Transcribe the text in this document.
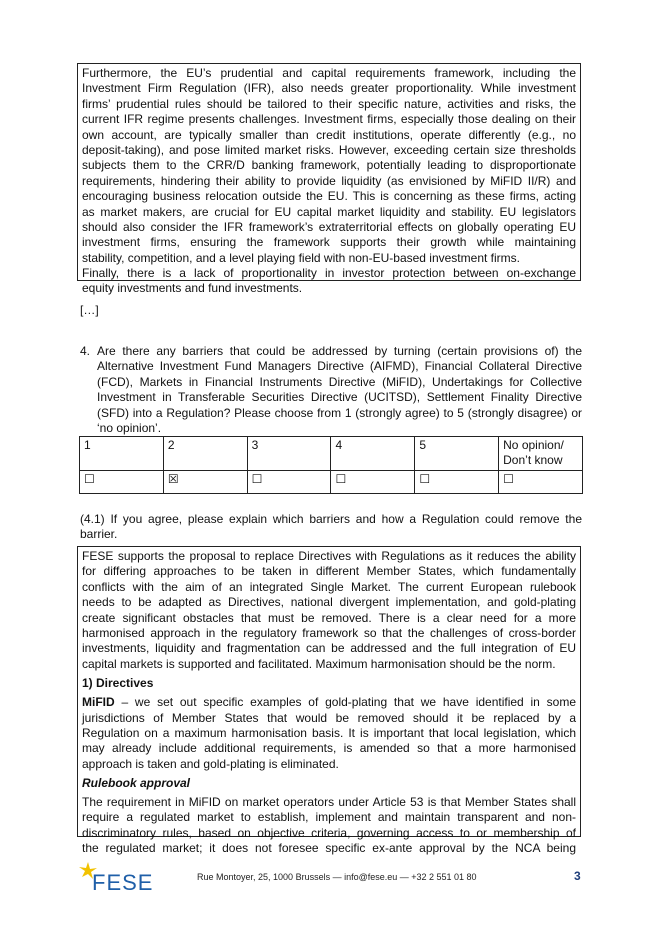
Furthermore, the EU’s prudential and capital requirements framework, including the
Investment Firm Regulation (IFR), also needs greater proportionality. While investment
firms’ prudential rules should be tailored to their specific nature, activities and risks, the
current IFR regime presents challenges. Investment firms, especially those dealing on their
own account, are typically smaller than credit institutions, operate differently (e.g., no
deposit-taking), and pose limited market risks. However, exceeding certain size thresholds
subjects them to the CRR/D banking framework, potentially leading to disproportionate
requirements, hindering their ability to provide liquidity (as envisioned by MiFID II/R) and
encouraging business relocation outside the EU. This is concerning as these firms, acting
as market makers, are crucial for EU capital market liquidity and stability. EU legislators
should also consider the IFR framework’s extraterritorial effects on globally operating EU
investment firms, ensuring the framework supports their growth while maintaining
stability, competition, and a level playing field with non-EU-based investment firms.
Finally, there is a lack of proportionality in investor protection between on-exchange
equity investments and fund investments.
[…]
4. Are there any barriers that could be addressed by turning (certain provisions of) the
Alternative Investment Fund Managers Directive (AIFMD), Financial Collateral Directive
(FCD), Markets in Financial Instruments Directive (MiFID), Undertakings for Collective
Investment in Transferable Securities Directive (UCITSD), Settlement Finality Directive
(SFD) into a Regulation? Please choose from 1 (strongly agree) to 5 (strongly disagree) or
‘no opinion’.
1	2	3	4	5	No opinion/ Don’t know
☐	☒	☐	☐	☐	☐
(4.1) If you agree, please explain which barriers and how a Regulation could remove the
barrier.
FESE supports the proposal to replace Directives with Regulations as it reduces the ability
for differing approaches to be taken in different Member States, which fundamentally
conflicts with the aim of an integrated Single Market. The current European rulebook
needs to be adapted as Directives, national divergent implementation, and gold-plating
create significant obstacles that must be removed. There is a clear need for a more
harmonised approach in the regulatory framework so that the challenges of cross-border
investments, liquidity and fragmentation can be addressed and the full integration of EU
capital markets is supported and facilitated. Maximum harmonisation should be the norm.
1) Directives
MiFID – we set out specific examples of gold-plating that we have identified in some
jurisdictions of Member States that would be removed should it be replaced by a
Regulation on a maximum harmonisation basis. It is important that local legislation, which
may already include additional requirements, is amended so that a more harmonised
approach is taken and gold-plating is eliminated.
Rulebook approval
The requirement in MiFID on market operators under Article 53 is that Member States shall
require a regulated market to establish, implement and maintain transparent and non-
discriminatory rules, based on objective criteria, governing access to or membership of
the regulated market; it does not foresee specific ex-ante approval by the NCA being
FESE	Rue Montoyer, 25, 1000 Brussels — info@fese.eu — +32 2 551 01 80	3
